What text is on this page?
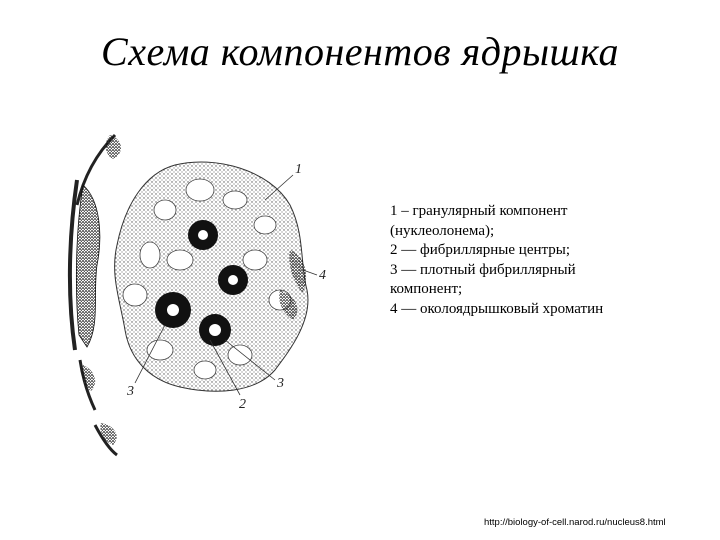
Схема компонентов ядрышка
1
4
3
3
2
1 – гранулярный компонент
(нуклеолонема);
2 — фибриллярные центры;
3 — плотный фибриллярный
компонент;
4 — околоядрышковый хроматин
http://biology-of-cell.narod.ru/nucleus8.html
